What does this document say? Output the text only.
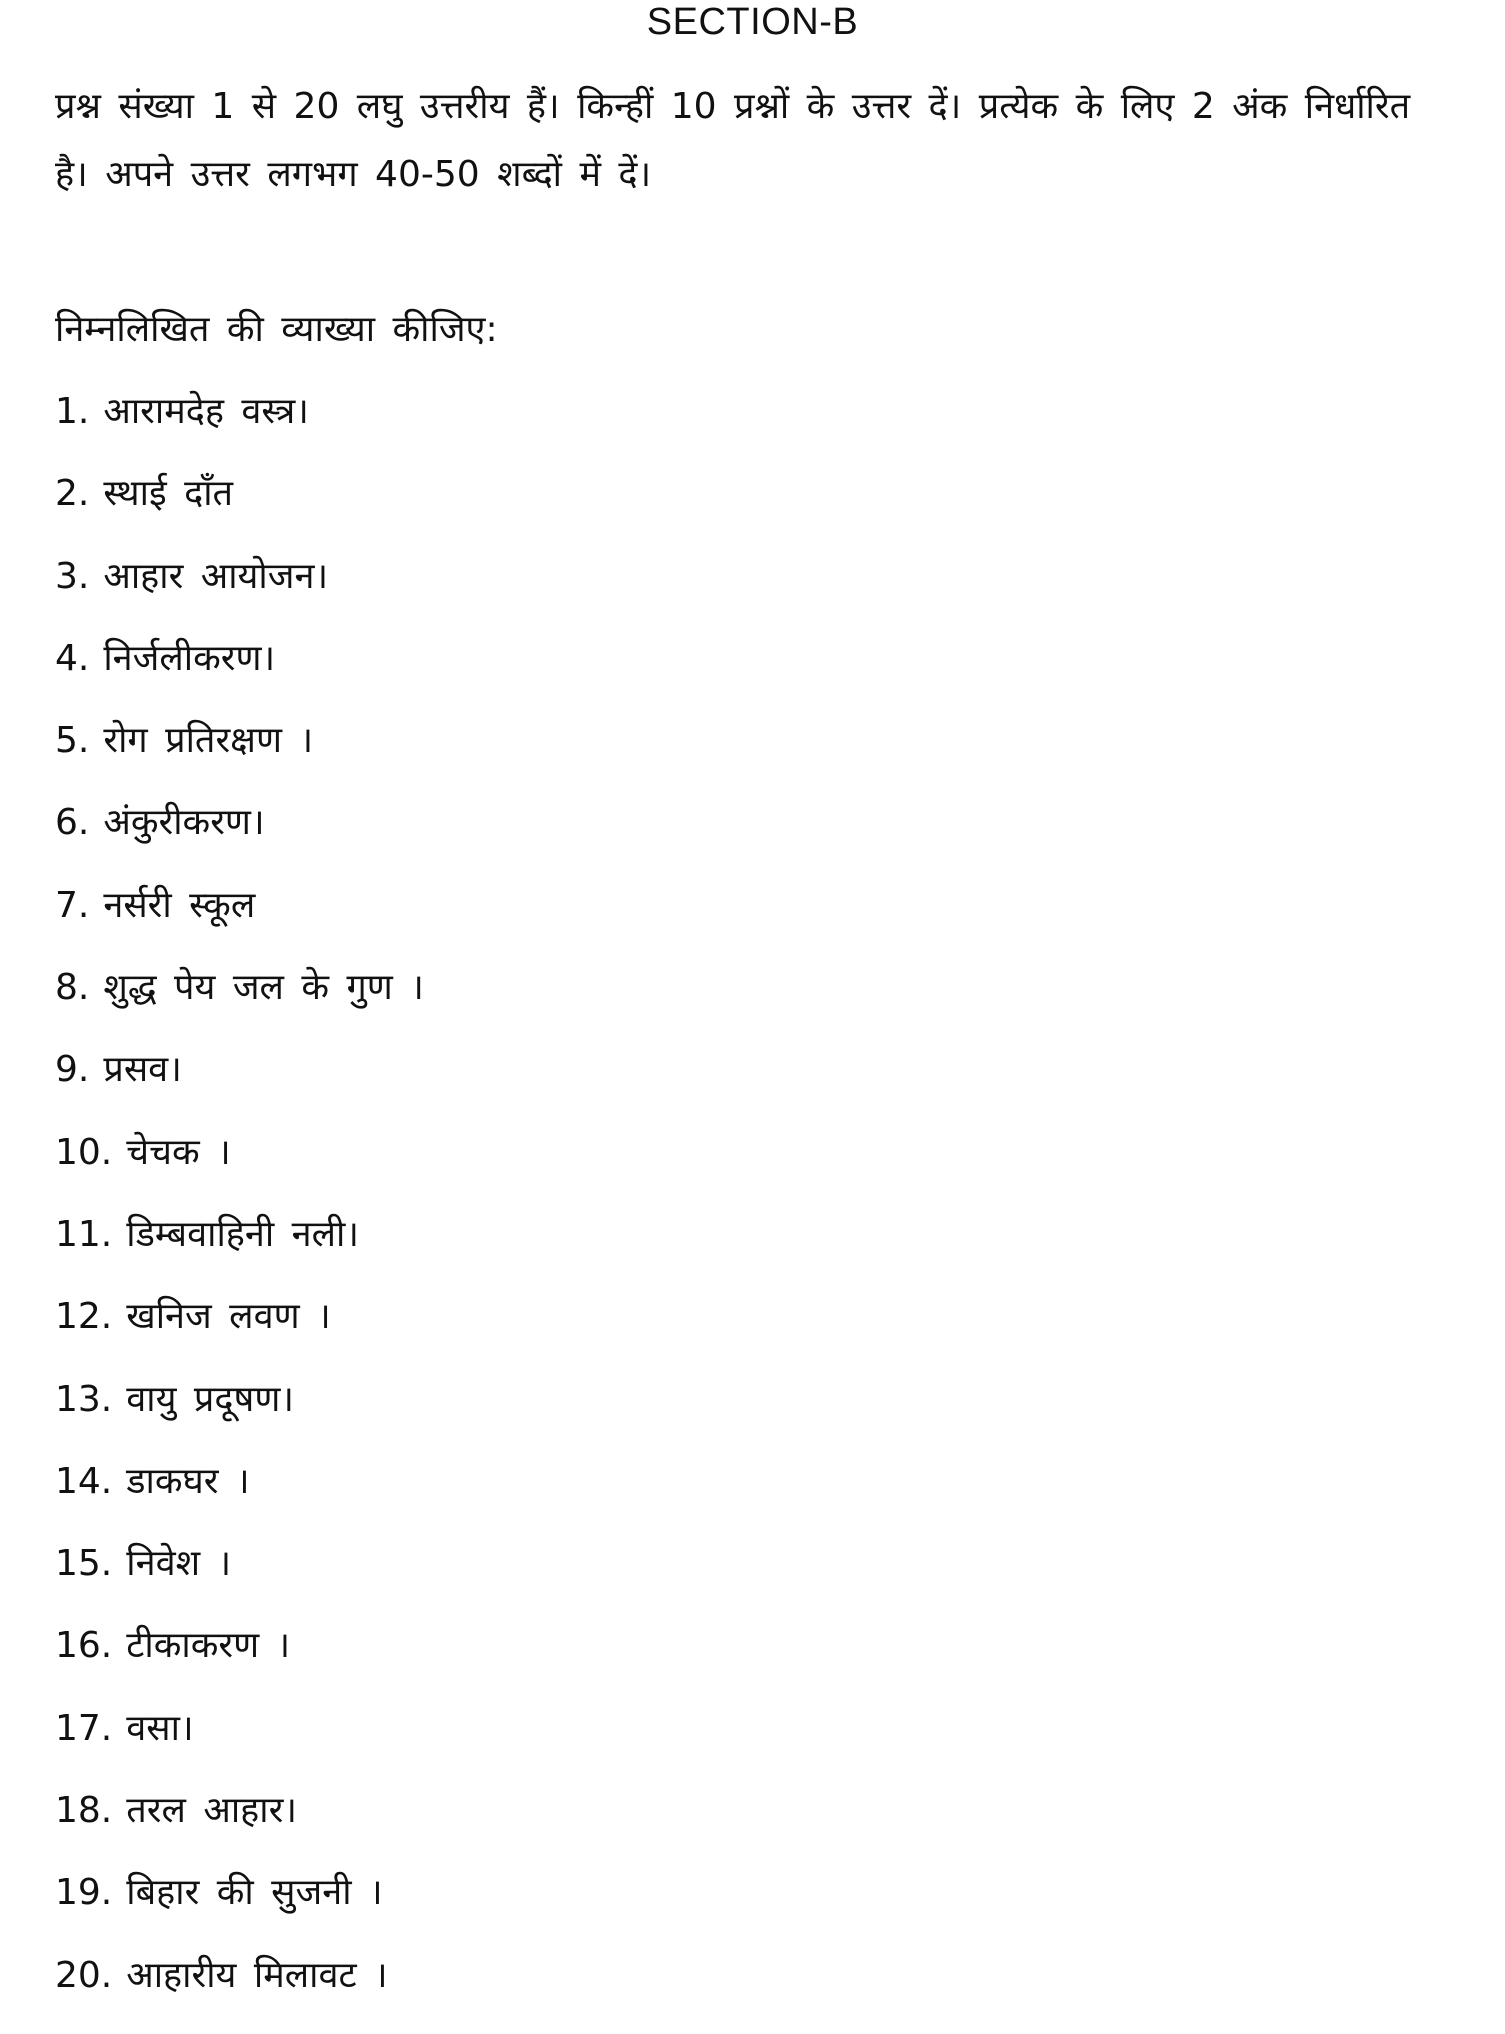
SECTION-B
प्रश्न संख्या 1 से 20 लघु उत्तरीय हैं। किन्हीं 10 प्रश्नों के उत्तर दें। प्रत्येक के लिए 2 अंक निर्धारित है। अपने उत्तर लगभग 40-50 शब्दों में दें।
निम्नलिखित की व्याख्या कीजिए:
1. आरामदेह वस्त्र।
2. स्थाई दाँत
3. आहार आयोजन।
4. निर्जलीकरण।
5. रोग प्रतिरक्षण ।
6. अंकुरीकरण।
7. नर्सरी स्कूल
8. शुद्ध पेय जल के गुण ।
9. प्रसव।
10. चेचक ।
11. डिम्बवाहिनी नली।
12. खनिज लवण ।
13. वायु प्रदूषण।
14. डाकघर ।
15. निवेश ।
16. टीकाकरण ।
17. वसा।
18. तरल आहार।
19. बिहार की सुजनी ।
20. आहारीय मिलावट ।
